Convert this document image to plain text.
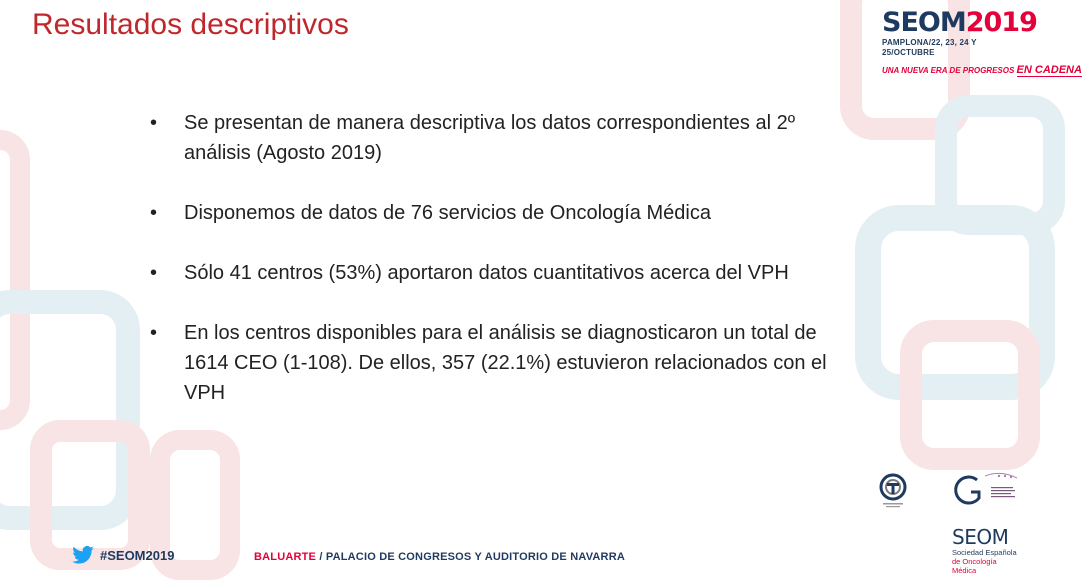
Resultados descriptivos	SEOM2019
PAMPLONA/22, 23, 24 Y 25/OCTUBRE
UNA NUEVA ERA DE PROGRESOS EN CADENA
• Se presentan de manera descriptiva los datos correspondientes al 2º análisis (Agosto 2019)
• Disponemos de datos de 76 servicios de Oncología Médica
• Sólo 41 centros (53%) aportaron datos cuantitativos acerca del VPH
• En los centros disponibles para el análisis se diagnosticaron un total de 1614 CEO (1-108). De ellos, 357 (22.1%) estuvieron relacionados con el VPH
#SEOM2019	BALUARTE / PALACIO DE CONGRESOS Y AUDITORIO DE NAVARRA
SEOM
Sociedad Española
de Oncología Médica
